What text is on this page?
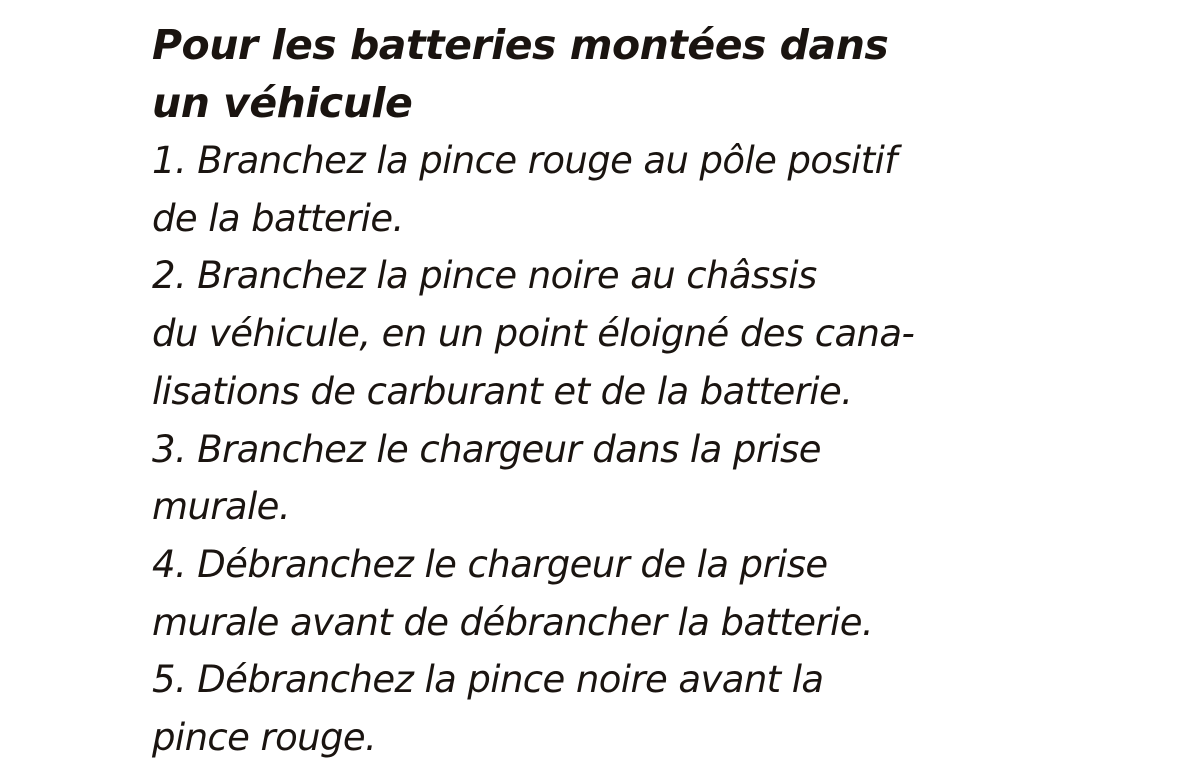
Pour les batteries montées dans
un véhicule
1. Branchez la pince rouge au pôle positif
de la batterie.
2. Branchez la pince noire au châssis
du véhicule, en un point éloigné des cana-
lisations de carburant et de la batterie.
3. Branchez le chargeur dans la prise
murale.
4. Débranchez le chargeur de la prise
murale avant de débrancher la batterie.
5. Débranchez la pince noire avant la
pince rouge.
